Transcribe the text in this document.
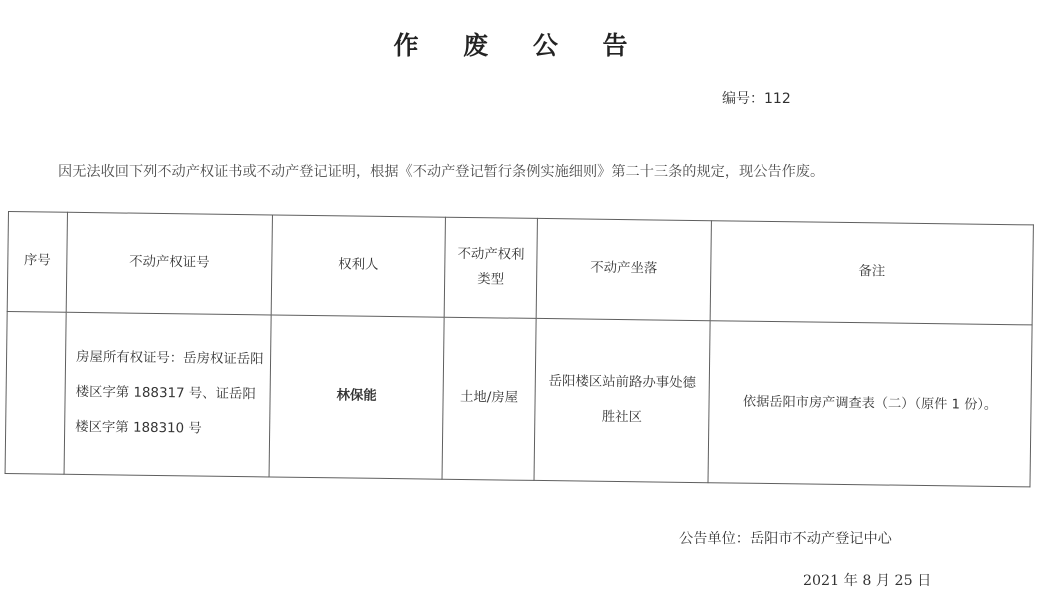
作 废 公 告
编号：112
因无法收回下列不动产权证书或不动产登记证明，根据《不动产登记暂行条例实施细则》第二十三条的规定，现公告作废。
序号	不动产权证号	权利人	不动产权利类型	不动产坐落	备注
	房屋所有权证号：岳房权证岳阳楼区字第 188317 号、证岳阳楼区字第 188310 号	林保能	土地/房屋	岳阳楼区站前路办事处德胜社区	依据岳阳市房产调查表（二）（原件 1 份）。
公告单位：岳阳市不动产登记中心
2021 年 8 月 25 日
